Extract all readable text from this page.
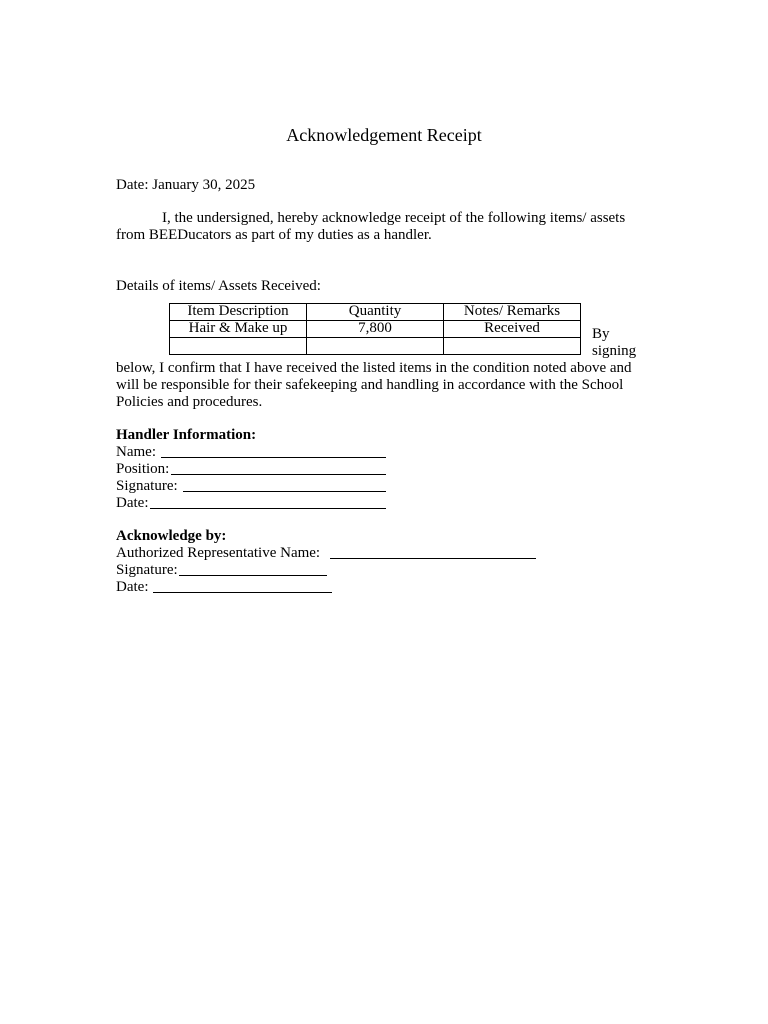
Acknowledgement Receipt
Date: January 30, 2025
I, the undersigned, hereby acknowledge receipt of the following items/ assets
from BEEDucators as part of my duties as a handler.
Details of items/ Assets Received:
Item Description	Quantity	Notes/ Remarks
Hair & Make up	7,800	Received
			By
signing
below, I confirm that I have received the listed items in the condition noted above and
will be responsible for their safekeeping and handling in accordance with the School
Policies and procedures.
Handler Information:
Name:
Position:
Signature:
Date:
Acknowledge by:
Authorized Representative Name:
Signature:
Date:
